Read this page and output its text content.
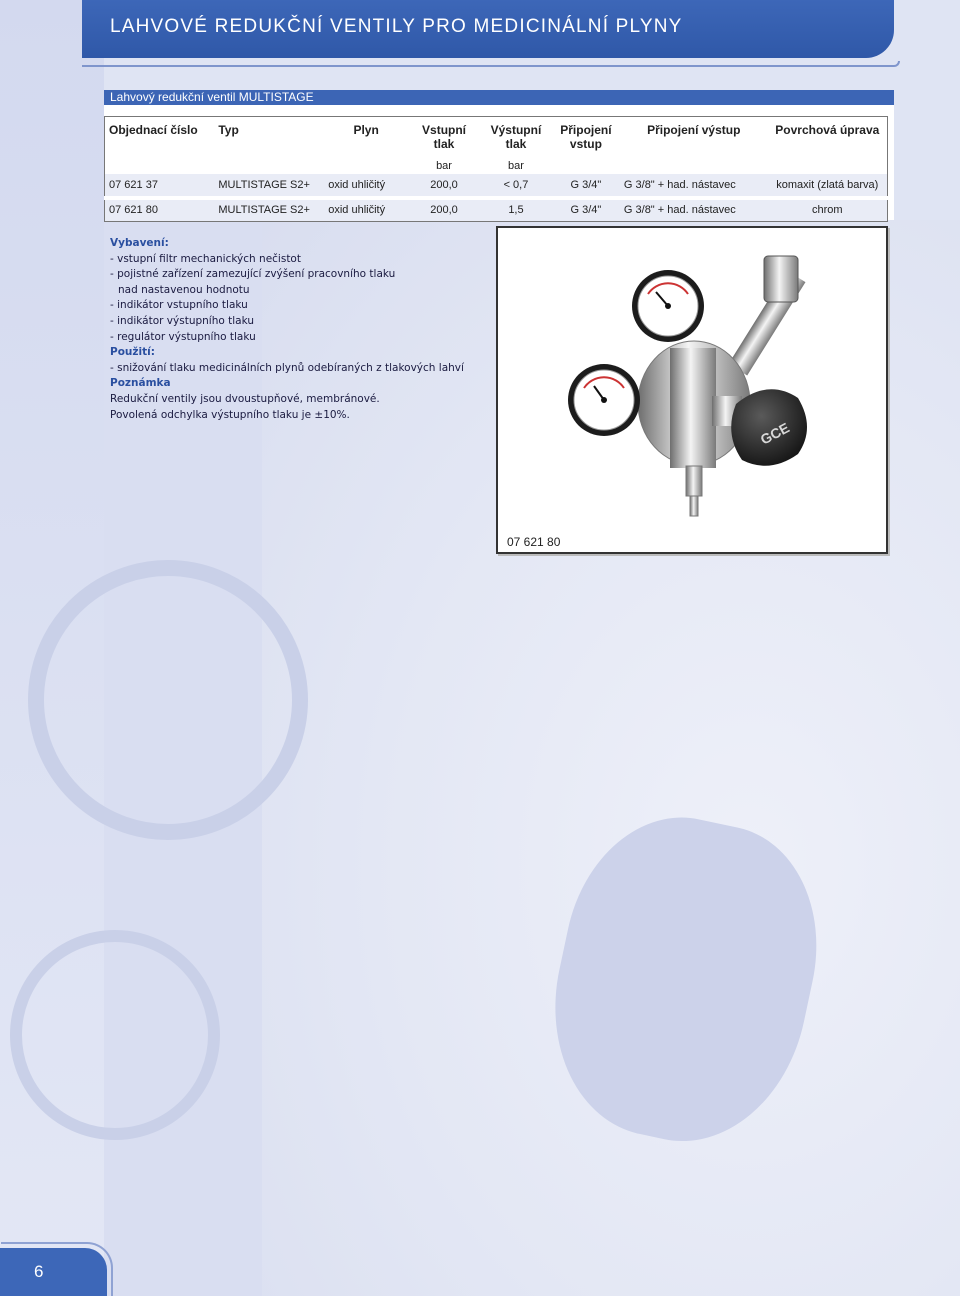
LAHVOVÉ REDUKČNÍ VENTILY PRO MEDICINÁLNÍ PLYNY
Lahvový redukční ventil MULTISTAGE
Objednací číslo	Typ	Plyn	Vstupní tlak	Výstupní tlak	Připojení vstup	Připojení výstup	Povrchová úprava
			bar	bar			
07 621 37	MULTISTAGE S2+	oxid uhličitý	200,0	< 0,7	G 3/4"	G 3/8" + had. nástavec	komaxit (zlatá barva)
07 621 80	MULTISTAGE S2+	oxid uhličitý	200,0	1,5	G 3/4"	G 3/8" + had. nástavec	chrom
Vybavení:
- vstupní filtr mechanických nečistot
- pojistné zařízení zamezující zvýšení pracovního tlaku
nad nastavenou hodnotu
- indikátor vstupního tlaku
- indikátor výstupního tlaku
- regulátor výstupního tlaku
Použití:
- snižování tlaku medicinálních plynů odebíraných z tlakových lahví
Poznámka
Redukční ventily jsou dvoustupňové, membránové.
Povolená odchylka výstupního tlaku je ±10%.
GCE
07 621 80
6
